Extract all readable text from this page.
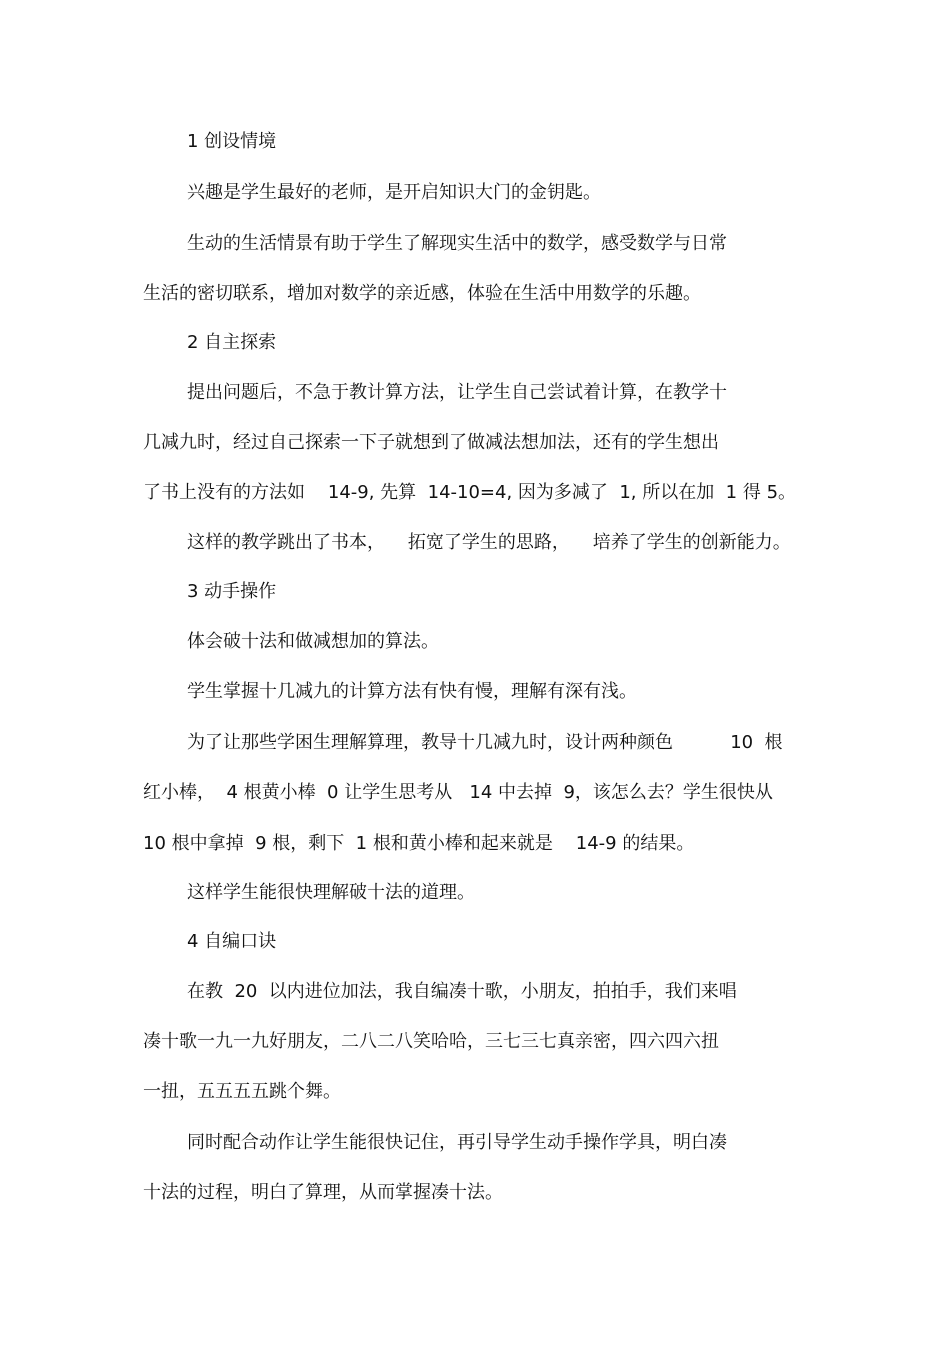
1 创设情境
兴趣是学生最好的老师，是开启知识大门的金钥匙。
生动的生活情景有助于学生了解现实生活中的数学，感受数学与日常
生活的密切联系，增加对数学的亲近感，体验在生活中用数学的乐趣。
2 自主探索
提出问题后，不急于教计算方法，让学生自己尝试着计算，在教学十
几减九时，经过自己探索一下子就想到了做减法想加法，还有的学生想出
了书上没有的方法如    14-9, 先算  14-10=4, 因为多减了  1, 所以在加  1 得 5。
这样的教学跳出了书本，    拓宽了学生的思路，    培养了学生的创新能力。
3 动手操作
体会破十法和做减想加的算法。
学生掌握十几减九的计算方法有快有慢，理解有深有浅。
为了让那些学困生理解算理，教导十几减九时，设计两种颜色          10  根
红小棒，  4 根黄小棒  0 让学生思考从   14 中去掉  9，该怎么去？学生很快从
10 根中拿掉  9 根，剩下  1 根和黄小棒和起来就是    14-9 的结果。
这样学生能很快理解破十法的道理。
4 自编口诀
在教  20  以内进位加法，我自编凑十歌，小朋友，拍拍手，我们来唱
凑十歌一九一九好朋友，二八二八笑哈哈，三七三七真亲密，四六四六扭
一扭，五五五五跳个舞。
同时配合动作让学生能很快记住，再引导学生动手操作学具，明白凑
十法的过程，明白了算理，从而掌握凑十法。
